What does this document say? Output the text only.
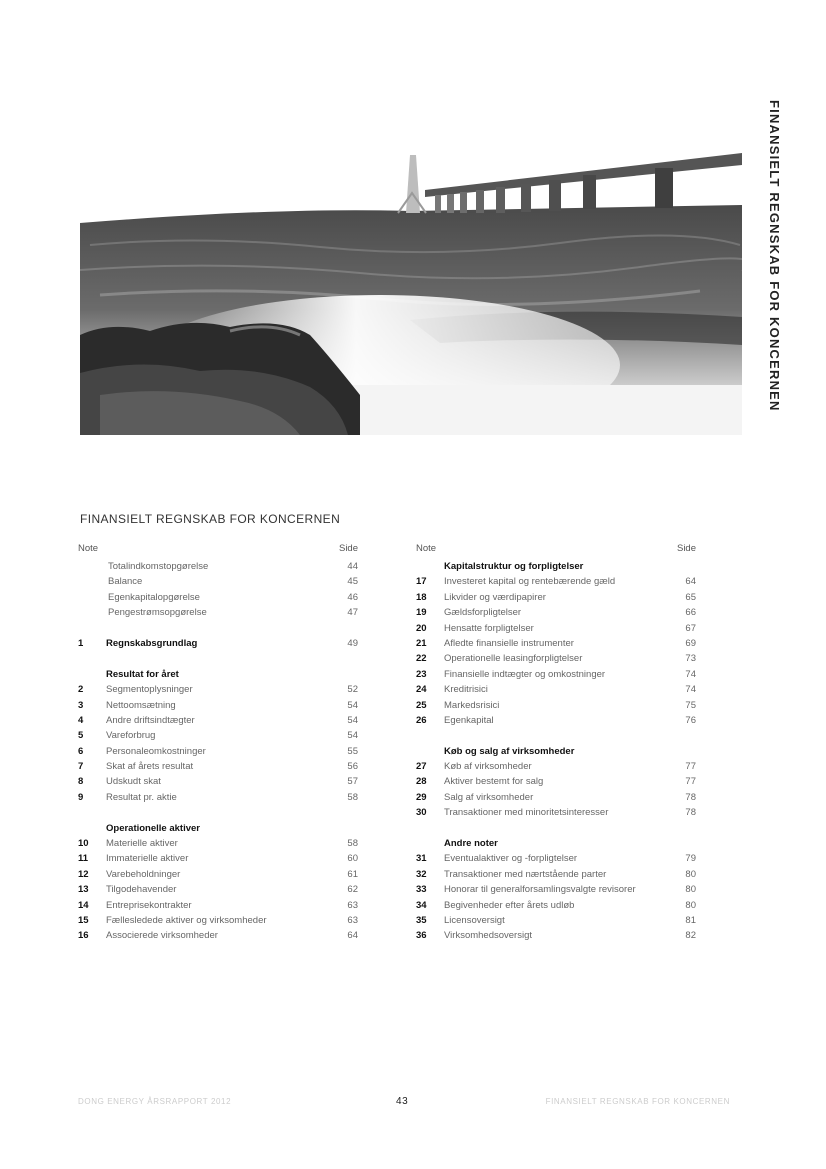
FINANSIELT REGNSKAB FOR KONCERNEN
FINANSIELT REGNSKAB FOR KONCERNEN
Note	Side
Totalindkomstopgørelse	44
Balance	45
Egenkapitalopgørelse	46
Pengestrømsopgørelse	47
1 Regnskabsgrundlag	49
Resultat for året
2 Segmentoplysninger	52
3 Nettoomsætning	54
4 Andre driftsindtægter	54
5 Vareforbrug	54
6 Personaleomkostninger	55
7 Skat af årets resultat	56
8 Udskudt skat	57
9 Resultat pr. aktie	58
Operationelle aktiver
10 Materielle aktiver	58
11 Immaterielle aktiver	60
12 Varebeholdninger	61
13 Tilgodehavender	62
14 Entreprisekontrakter	63
15 Fællesledede aktiver og virksomheder	63
16 Associerede virksomheder	64
Note	Side
Kapitalstruktur og forpligtelser
17 Investeret kapital og rentebærende gæld	64
18 Likvider og værdipapirer	65
19 Gældsforpligtelser	66
20 Hensatte forpligtelser	67
21 Afledte finansielle instrumenter	69
22 Operationelle leasingforpligtelser	73
23 Finansielle indtægter og omkostninger	74
24 Kreditrisici	74
25 Markedsrisici	75
26 Egenkapital	76
Køb og salg af virksomheder
27 Køb af virksomheder	77
28 Aktiver bestemt for salg	77
29 Salg af virksomheder	78
30 Transaktioner med minoritetsinteresser	78
Andre noter
31 Eventualaktiver og -forpligtelser	79
32 Transaktioner med nærtstående parter	80
33 Honorar til generalforsamlingsvalgte revisorer	80
34 Begivenheder efter årets udløb	80
35 Licensoversigt	81
36 Virksomhedsoversigt	82
DONG ENERGY ÅRSRAPPORT 2012	43	FINANSIELT REGNSKAB FOR KONCERNEN
